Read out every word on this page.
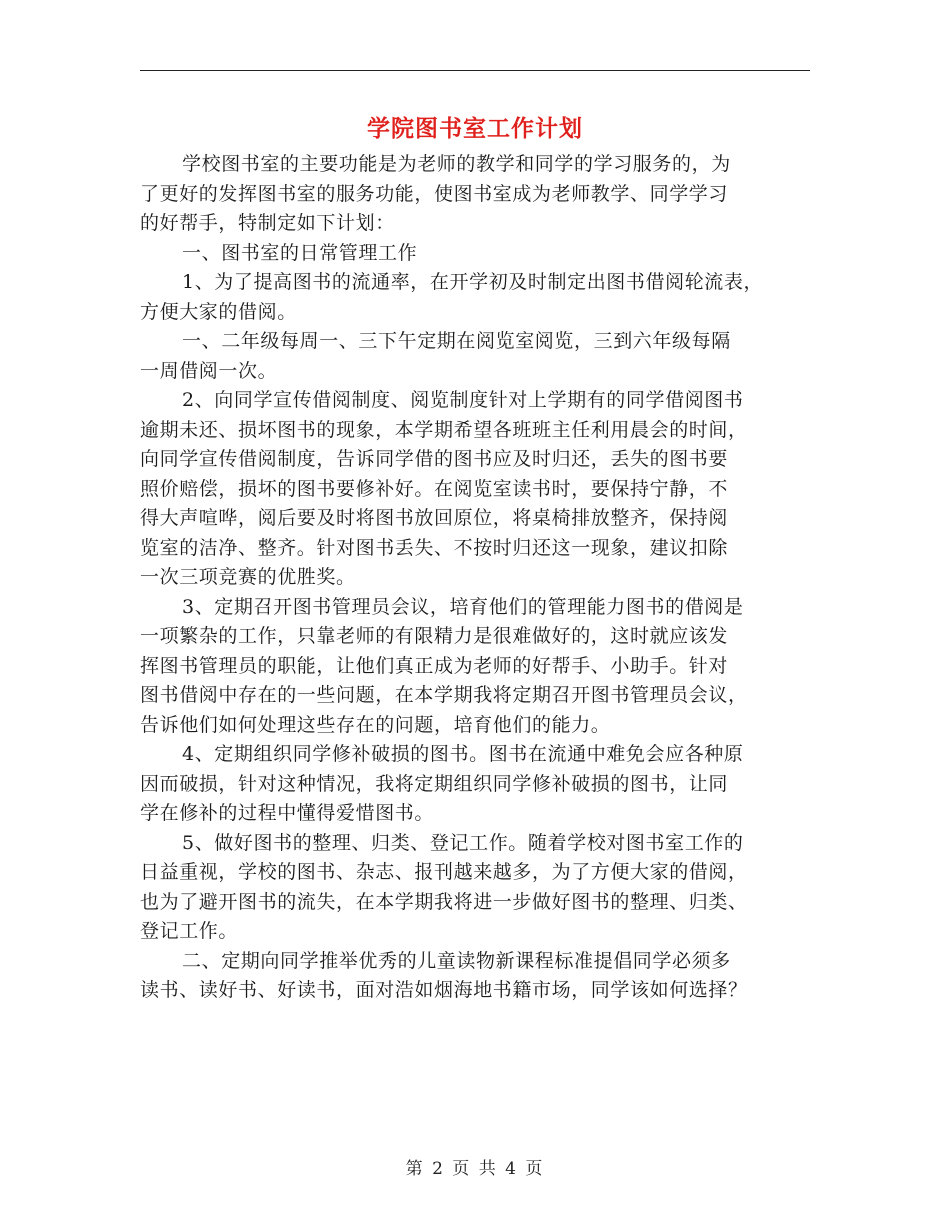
学院图书室工作计划
学校图书室的主要功能是为老师的教学和同学的学习服务的，为
了更好的发挥图书室的服务功能，使图书室成为老师教学、同学学习
的好帮手，特制定如下计划：
一、图书室的日常管理工作
1、为了提高图书的流通率，在开学初及时制定出图书借阅轮流表，
方便大家的借阅。
一、二年级每周一、三下午定期在阅览室阅览，三到六年级每隔
一周借阅一次。
2、向同学宣传借阅制度、阅览制度针对上学期有的同学借阅图书
逾期未还、损坏图书的现象，本学期希望各班班主任利用晨会的时间，
向同学宣传借阅制度，告诉同学借的图书应及时归还，丢失的图书要
照价赔偿，损坏的图书要修补好。在阅览室读书时，要保持宁静，不
得大声喧哗，阅后要及时将图书放回原位，将桌椅排放整齐，保持阅
览室的洁净、整齐。针对图书丢失、不按时归还这一现象，建议扣除
一次三项竞赛的优胜奖。
3、定期召开图书管理员会议，培育他们的管理能力图书的借阅是
一项繁杂的工作，只靠老师的有限精力是很难做好的，这时就应该发
挥图书管理员的职能，让他们真正成为老师的好帮手、小助手。针对
图书借阅中存在的一些问题，在本学期我将定期召开图书管理员会议，
告诉他们如何处理这些存在的问题，培育他们的能力。
4、定期组织同学修补破损的图书。图书在流通中难免会应各种原
因而破损，针对这种情况，我将定期组织同学修补破损的图书，让同
学在修补的过程中懂得爱惜图书。
5、做好图书的整理、归类、登记工作。随着学校对图书室工作的
日益重视，学校的图书、杂志、报刊越来越多，为了方便大家的借阅，
也为了避开图书的流失，在本学期我将进一步做好图书的整理、归类、
登记工作。
二、定期向同学推举优秀的儿童读物新课程标准提倡同学必须多
读书、读好书、好读书，面对浩如烟海地书籍市场，同学该如何选择？
第 2 页 共 4 页
